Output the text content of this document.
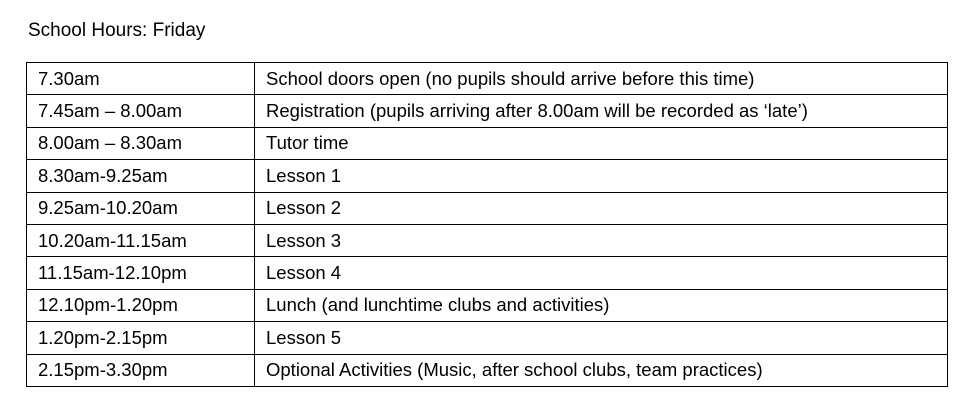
School Hours: Friday
7.30am	School doors open (no pupils should arrive before this time)
7.45am – 8.00am	Registration (pupils arriving after 8.00am will be recorded as ‘late’)
8.00am – 8.30am	Tutor time
8.30am-9.25am	Lesson 1
9.25am-10.20am	Lesson 2
10.20am-11.15am	Lesson 3
11.15am-12.10pm	Lesson 4
12.10pm-1.20pm	Lunch (and lunchtime clubs and activities)
1.20pm-2.15pm	Lesson 5
2.15pm-3.30pm	Optional Activities (Music, after school clubs, team practices)
